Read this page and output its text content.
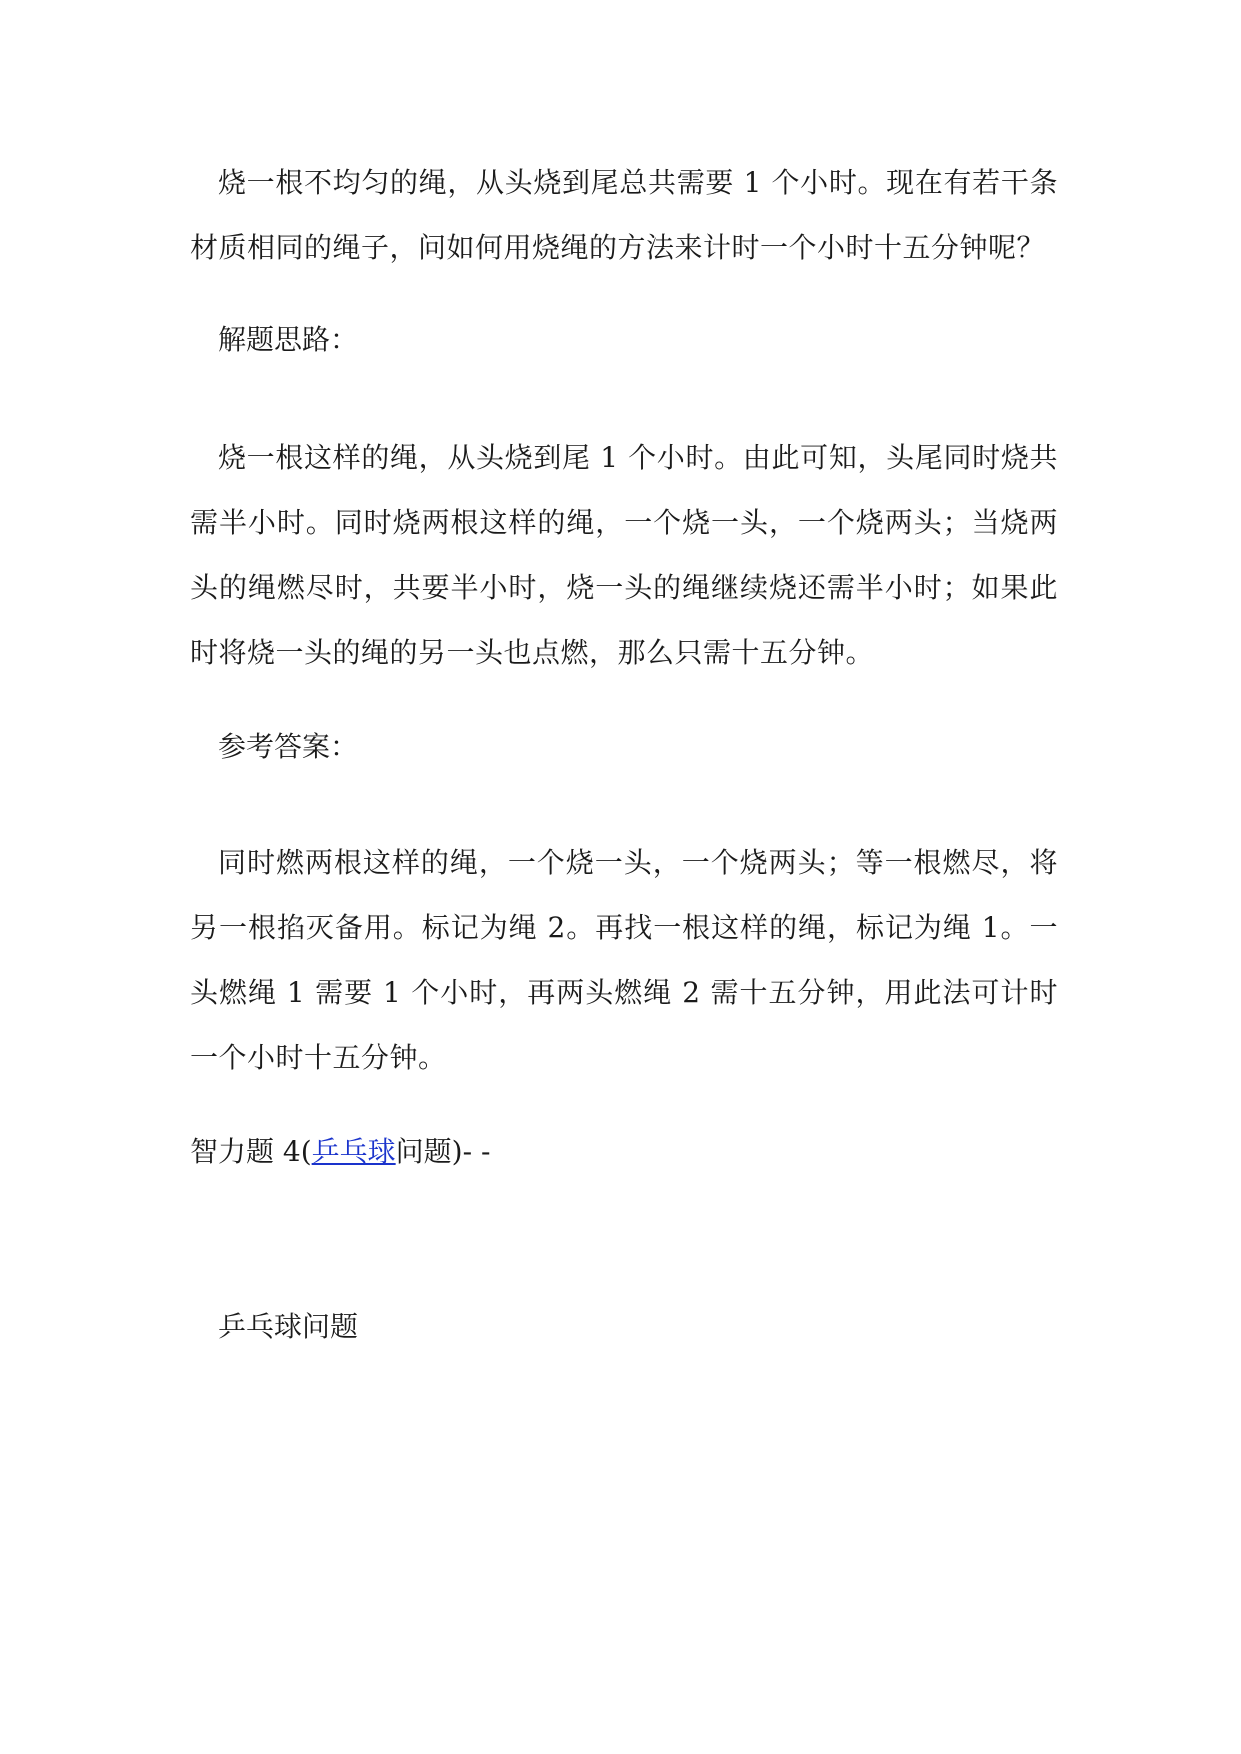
烧一根不均匀的绳，从头烧到尾总共需要 1 个小时。现在有若干条材质相同的绳子，问如何用烧绳的方法来计时一个小时十五分钟呢？

解题思路：

烧一根这样的绳，从头烧到尾 1 个小时。由此可知，头尾同时烧共需半小时。同时烧两根这样的绳，一个烧一头，一个烧两头；当烧两头的绳燃尽时，共要半小时，烧一头的绳继续烧还需半小时；如果此时将烧一头的绳的另一头也点燃，那么只需十五分钟。

参考答案：

同时燃两根这样的绳，一个烧一头，一个烧两头；等一根燃尽，将另一根掐灭备用。标记为绳 2。再找一根这样的绳，标记为绳 1。一头燃绳 1 需要 1 个小时，再两头燃绳 2 需十五分钟，用此法可计时一个小时十五分钟。

智力题 4(乒乓球问题)- -

乒乓球问题
